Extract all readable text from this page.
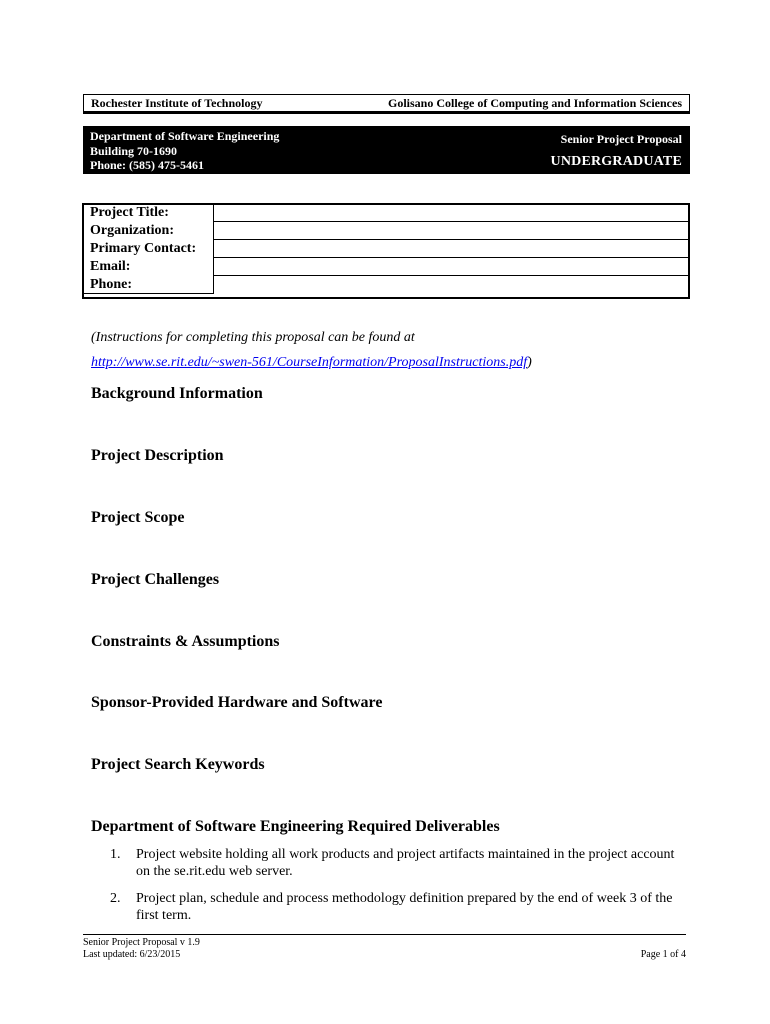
Rochester Institute of Technology	Golisano College of Computing and Information Sciences
Department of Software Engineering
Building 70-1690
Phone: (585) 475-5461
Senior Project Proposal
UNDERGRADUATE
Project Title:	
Organization:	
Primary Contact:	
Email:	
Phone:	
(Instructions for completing this proposal can be found at
http://www.se.rit.edu/~swen-561/CourseInformation/ProposalInstructions.pdf)
Background Information
Project Description
Project Scope
Project Challenges
Constraints & Assumptions
Sponsor-Provided Hardware and Software
Project Search Keywords
Department of Software Engineering Required Deliverables
1. Project website holding all work products and project artifacts maintained in the project account on the se.rit.edu web server.
2. Project plan, schedule and process methodology definition prepared by the end of week 3 of the first term.
Senior Project Proposal v 1.9
Last updated: 6/23/2015	Page 1 of 4
